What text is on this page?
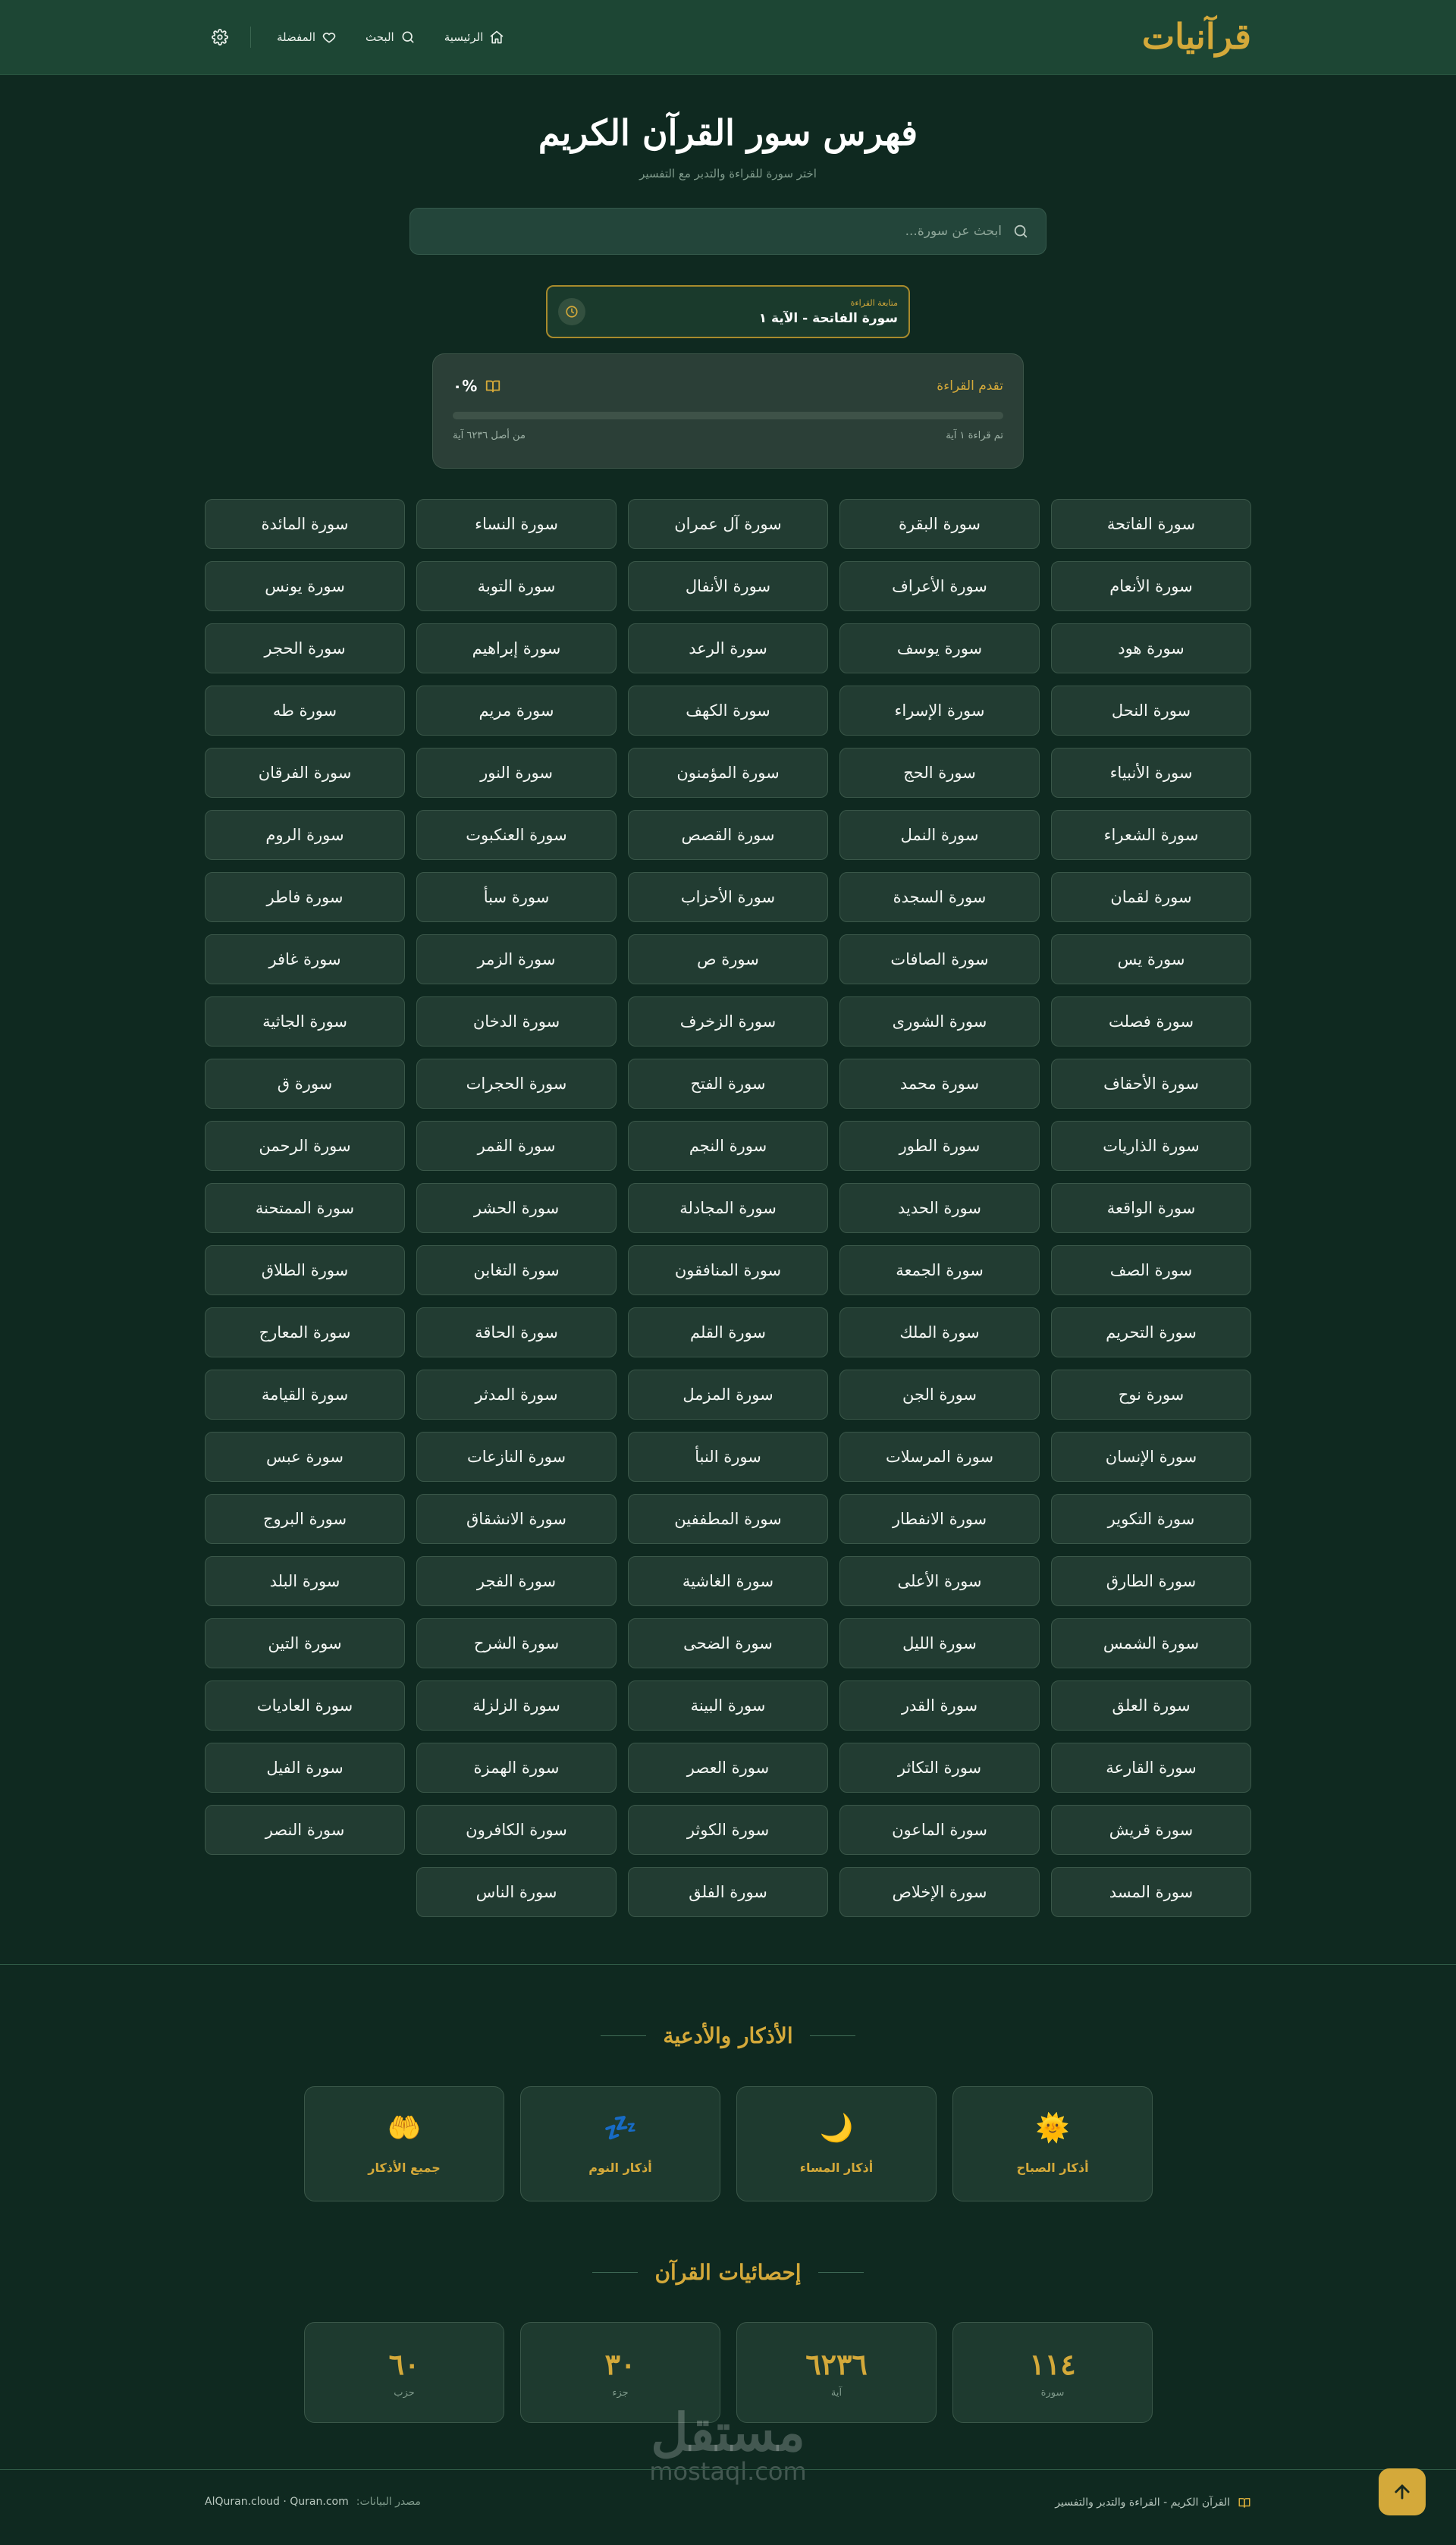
قرآنيات
الرئيسية
البحث
المفضلة
فهرس سور القرآن الكريم

اختر سورة للقراءة والتدبر مع التفسير

ابحث عن سورة...
متابعة القراءة
سورة الفاتحة - الآية ١
تقدم القراءة
٠%
تم قراءة ١ آية
من أصل ٦٢٣٦ آية
سورة الفاتحة
سورة البقرة
سورة آل عمران
سورة النساء
سورة المائدة
سورة الأنعام
سورة الأعراف
سورة الأنفال
سورة التوبة
سورة يونس
سورة هود
سورة يوسف
سورة الرعد
سورة إبراهيم
سورة الحجر
سورة النحل
سورة الإسراء
سورة الكهف
سورة مريم
سورة طه
سورة الأنبياء
سورة الحج
سورة المؤمنون
سورة النور
سورة الفرقان
سورة الشعراء
سورة النمل
سورة القصص
سورة العنكبوت
سورة الروم
سورة لقمان
سورة السجدة
سورة الأحزاب
سورة سبأ
سورة فاطر
سورة يس
سورة الصافات
سورة ص
سورة الزمر
سورة غافر
سورة فصلت
سورة الشورى
سورة الزخرف
سورة الدخان
سورة الجاثية
سورة الأحقاف
سورة محمد
سورة الفتح
سورة الحجرات
سورة ق
سورة الذاريات
سورة الطور
سورة النجم
سورة القمر
سورة الرحمن
سورة الواقعة
سورة الحديد
سورة المجادلة
سورة الحشر
سورة الممتحنة
سورة الصف
سورة الجمعة
سورة المنافقون
سورة التغابن
سورة الطلاق
سورة التحريم
سورة الملك
سورة القلم
سورة الحاقة
سورة المعارج
سورة نوح
سورة الجن
سورة المزمل
سورة المدثر
سورة القيامة
سورة الإنسان
سورة المرسلات
سورة النبأ
سورة النازعات
سورة عبس
سورة التكوير
سورة الانفطار
سورة المطففين
سورة الانشقاق
سورة البروج
سورة الطارق
سورة الأعلى
سورة الغاشية
سورة الفجر
سورة البلد
سورة الشمس
سورة الليل
سورة الضحى
سورة الشرح
سورة التين
سورة العلق
سورة القدر
سورة البينة
سورة الزلزلة
سورة العاديات
سورة القارعة
سورة التكاثر
سورة العصر
سورة الهمزة
سورة الفيل
سورة قريش
سورة الماعون
سورة الكوثر
سورة الكافرون
سورة النصر
سورة المسد
سورة الإخلاص
سورة الفلق
سورة الناس
الأذكار والأدعية
🌞
أذكار الصباح
🌙
أذكار المساء
💤
أذكار النوم
🤲
جميع الأذكار
إحصائيات القرآن
١١٤
سورة
٦٢٣٦
آية
٣٠
جزء
٦٠
حزب
مستقل
mostaql.com
القرآن الكريم - القراءة والتدبر والتفسير
مصدر البيانات:
AlQuran.cloud · Quran.com
